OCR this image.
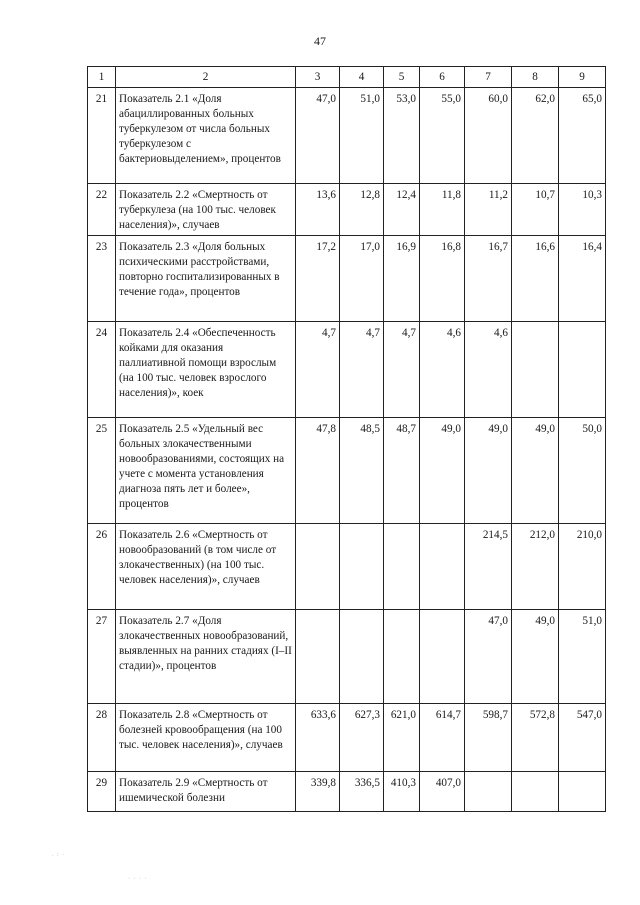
47
1	2	3	4	5	6	7	8	9
21	Показатель 2.1 «Доля абациллированных больных туберкулезом от числа больных туберкулезом с бактериовыделением», процентов	47,0	51,0	53,0	55,0	60,0	62,0	65,0
22	Показатель 2.2 «Смертность от туберкулеза (на 100 тыс. человек населения)», случаев	13,6	12,8	12,4	11,8	11,2	10,7	10,3
23	Показатель 2.3 «Доля больных психическими расстройствами, повторно госпитализированных в течение года», процентов	17,2	17,0	16,9	16,8	16,7	16,6	16,4
24	Показатель 2.4 «Обеспеченность койками для оказания паллиативной помощи взрослым (на 100 тыс. человек взрослого населения)», коек	4,7	4,7	4,7	4,6	4,6		
25	Показатель 2.5 «Удельный вес больных злокачественными новообразованиями, состоящих на учете с момента установления диагноза пять лет и более», процентов	47,8	48,5	48,7	49,0	49,0	49,0	50,0
26	Показатель 2.6 «Смертность от новообразований (в том числе от злокачественных) (на 100 тыс. человек населения)», случаев					214,5	212,0	210,0
27	Показатель 2.7 «Доля злокачественных новообразований, выявленных на ранних стадиях (I–II стадии)», процентов					47,0	49,0	51,0
28	Показатель 2.8 «Смертность от болезней кровообращения (на 100 тыс. человек населения)», случаев	633,6	627,3	621,0	614,7	598,7	572,8	547,0
29	Показатель 2.9 «Смертность от ишемической болезни	339,8	336,5	410,3	407,0			
. : ·
· · · ·
